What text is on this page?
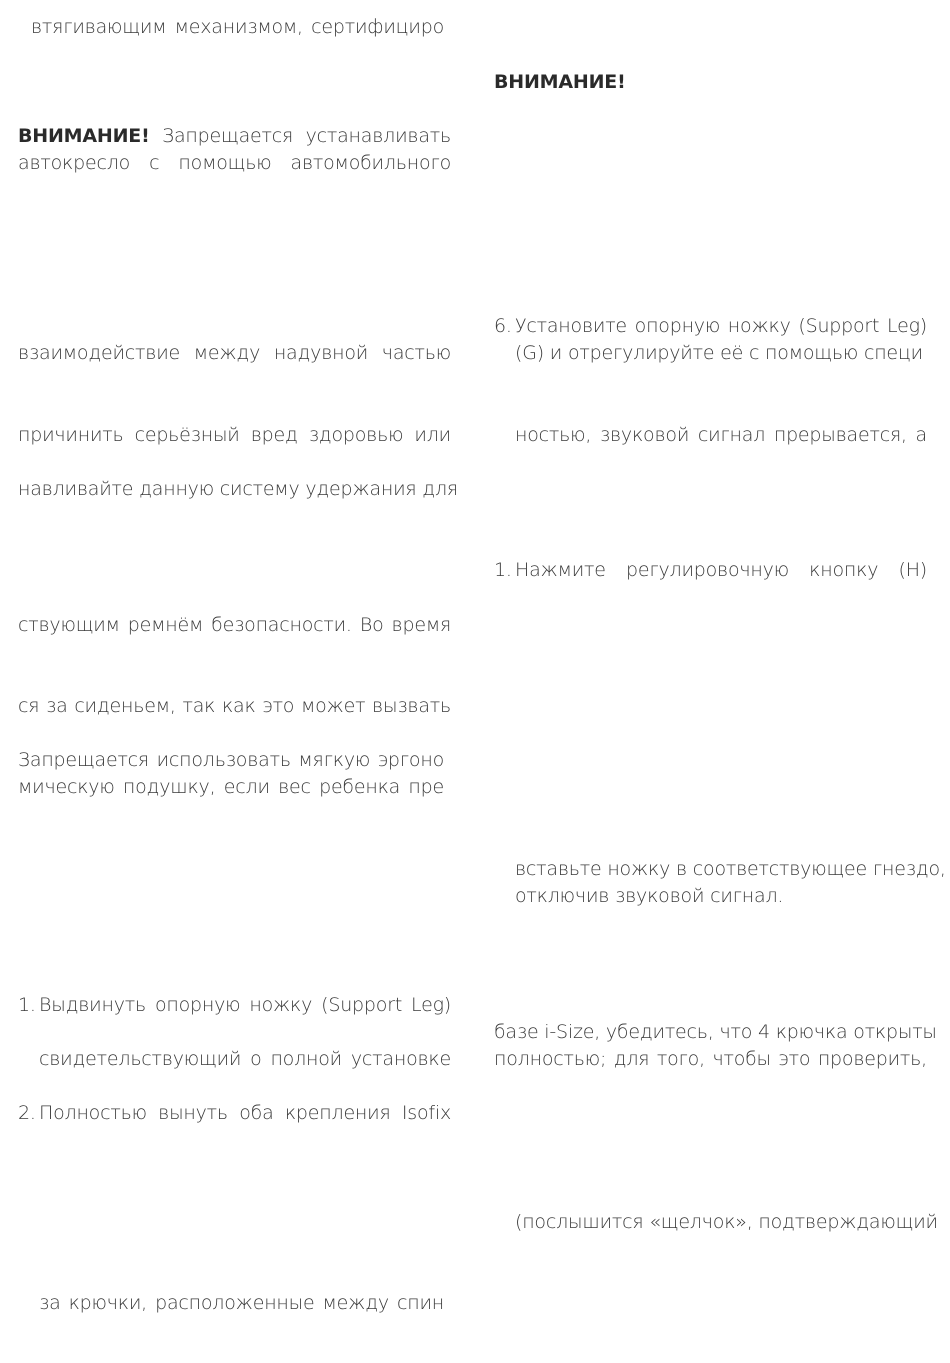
втягивающим механизмом, сертифициро
ВНИМАНИЕ! Запрещается устанавливать
автокресло с помощью автомобильного
взаимодействие между надувной частью
причинить серьёзный вред здоровью или
навливайте данную систему удержания для
ствующим ремнём безопасности. Во время
ся за сиденьем, так как это может вызвать
Запрещается использовать мягкую эргоно
мическую подушку, если вес ребенка пре
1. Выдвинуть опорную ножку (Support Leg)
свидетельствующий о полной установке
2. Полностью вынуть оба крепления Isofix
за крючки, расположенные между спин
ВНИМАНИЕ!
6. Установите опорную ножку (Support Leg)
(G) и отрегулируйте её с помощью специ
ностью, звуковой сигнал прерывается, а
1. Нажмите регулировочную кнопку (H)
вставьте ножку в соответствующее гнездо,
отключив звуковой сигнал.
базе i-Size, убедитесь, что 4 крючка открыты
полностью; для того, чтобы это проверить,
(послышится «щелчок», подтверждающий
